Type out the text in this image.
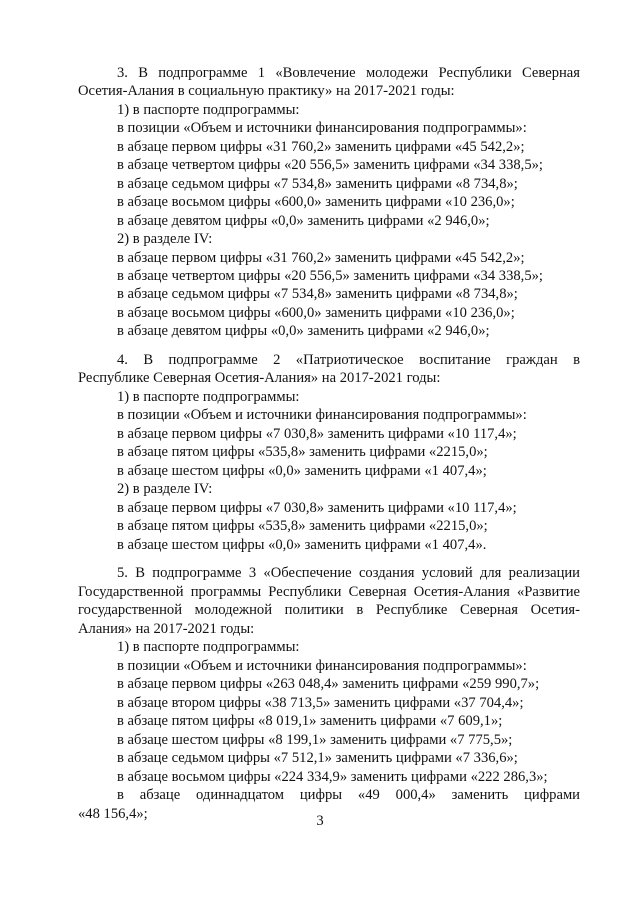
3. В подпрограмме 1 «Вовлечение молодежи Республики Северная
Осетия-Алания в социальную практику» на 2017-2021 годы:
1) в паспорте подпрограммы:
в позиции «Объем и источники финансирования подпрограммы»:
в абзаце первом цифры «31 760,2» заменить цифрами «45 542,2»;
в абзаце четвертом цифры «20 556,5» заменить цифрами «34 338,5»;
в абзаце седьмом цифры «7 534,8» заменить цифрами «8 734,8»;
в абзаце восьмом цифры «600,0» заменить цифрами «10 236,0»;
в абзаце девятом цифры «0,0» заменить цифрами «2 946,0»;
2) в разделе IV:
в абзаце первом цифры «31 760,2» заменить цифрами «45 542,2»;
в абзаце четвертом цифры «20 556,5» заменить цифрами «34 338,5»;
в абзаце седьмом цифры «7 534,8» заменить цифрами «8 734,8»;
в абзаце восьмом цифры «600,0» заменить цифрами «10 236,0»;
в абзаце девятом цифры «0,0» заменить цифрами «2 946,0»;
4. В подпрограмме 2 «Патриотическое воспитание граждан в
Республике Северная Осетия-Алания» на 2017-2021 годы:
1) в паспорте подпрограммы:
в позиции «Объем и источники финансирования подпрограммы»:
в абзаце первом цифры «7 030,8» заменить цифрами «10 117,4»;
в абзаце пятом цифры «535,8» заменить цифрами «2215,0»;
в абзаце шестом цифры «0,0» заменить цифрами «1 407,4»;
2) в разделе IV:
в абзаце первом цифры «7 030,8» заменить цифрами «10 117,4»;
в абзаце пятом цифры «535,8» заменить цифрами «2215,0»;
в абзаце шестом цифры «0,0» заменить цифрами «1 407,4».
5. В подпрограмме 3 «Обеспечение создания условий для реализации
Государственной программы Республики Северная Осетия-Алания «Развитие
государственной молодежной политики в Республике Северная Осетия-
Алания» на 2017-2021 годы:
1) в паспорте подпрограммы:
в позиции «Объем и источники финансирования подпрограммы»:
в абзаце первом цифры «263 048,4» заменить цифрами «259 990,7»;
в абзаце втором цифры «38 713,5» заменить цифрами «37 704,4»;
в абзаце пятом цифры «8 019,1» заменить цифрами «7 609,1»;
в абзаце шестом цифры «8 199,1» заменить цифрами «7 775,5»;
в абзаце седьмом цифры «7 512,1» заменить цифрами «7 336,6»;
в абзаце восьмом цифры «224 334,9» заменить цифрами «222 286,3»;
в абзаце одиннадцатом цифры «49 000,4» заменить цифрами
«48 156,4»;	3
